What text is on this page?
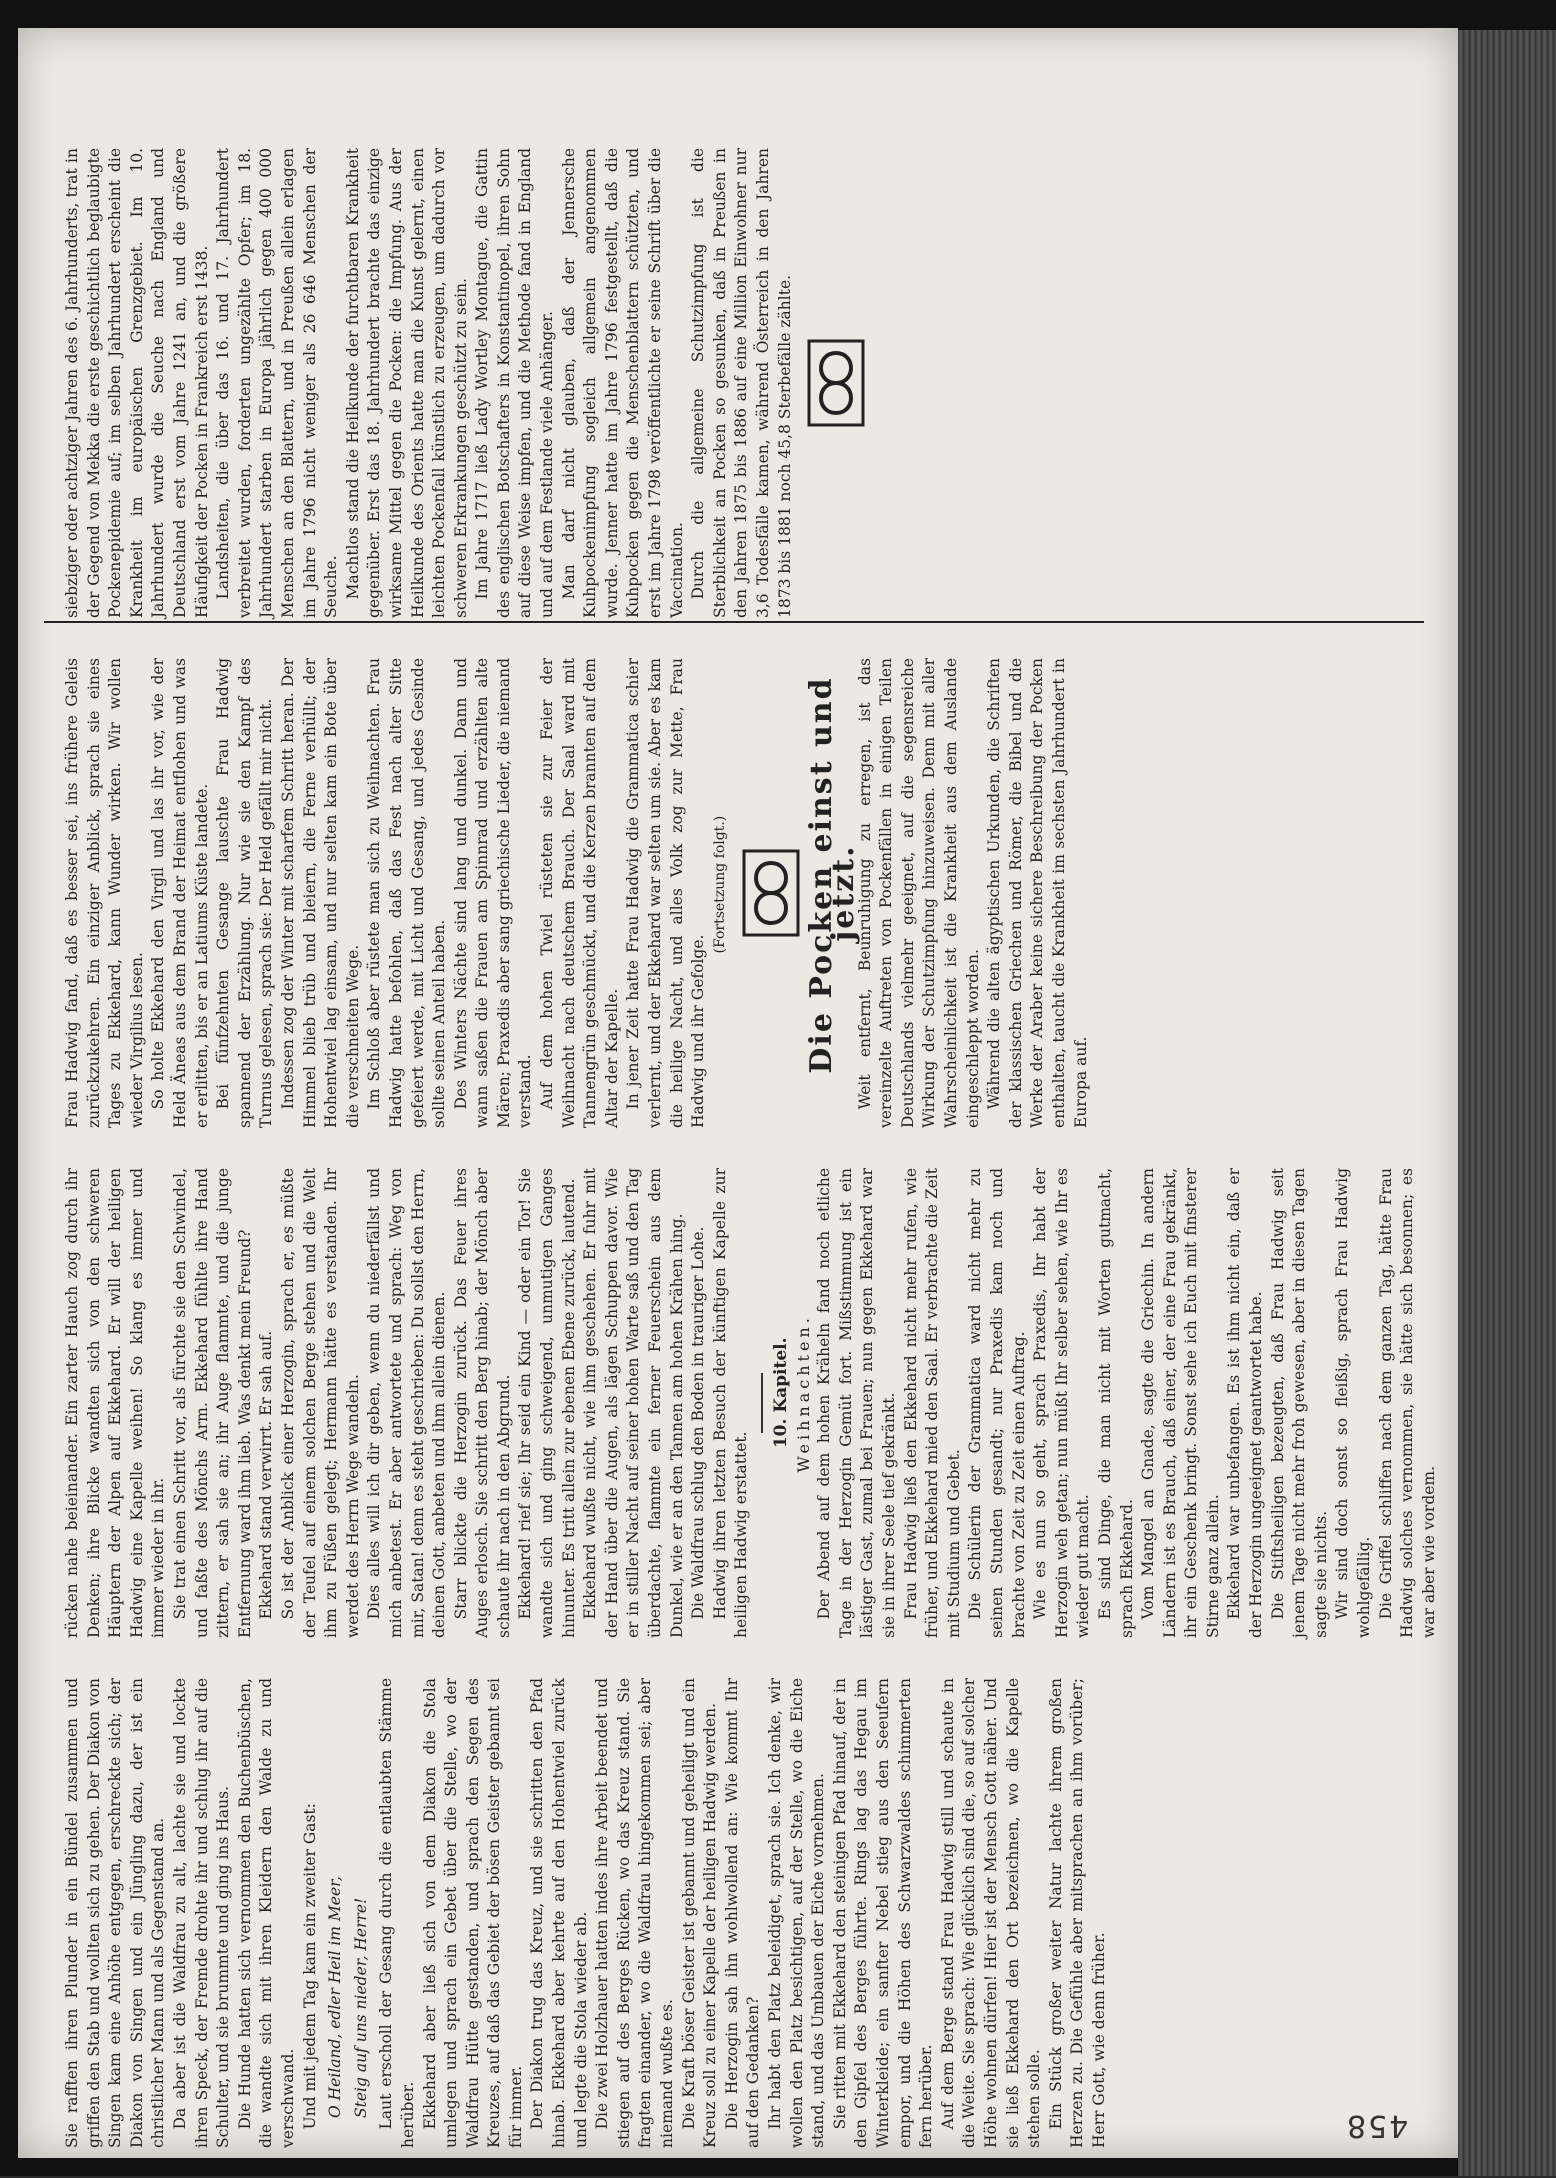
Sie rafften ihren Plunder in ein Bündel zusammen und griffen den Stab und wollten sich zu gehen. Der Diakon von Singen kam eine Anhöhe entgegen, erschreckte sich; der Diakon von Singen und ein Jüngling dazu, der ist ein christlicher Mann und als Gegenstand an. Da aber ist die Waldfrau zu alt, lachte sie und lockte ihren Speck, der Fremde drohte ihr und schlug ihr auf die Schulter, und sie brummte und ging ins Haus. Die Hunde hatten sich vernommen den Buchenbüschen, die wandte sich mit ihren Kleidern den Walde zu und verschwand. Und mit jedem Tag kam ein zweiter Gast: O Heiland, edler Heil im Meer, Steig auf uns nieder, Herre! Laut erscholl der Gesang durch die entlaubten Stämme herüber. Ekkehard aber ließ sich von dem Diakon die Stola umlegen und sprach ein Gebet über die Stelle, wo der Waldfrau Hütte gestanden, und sprach den Segen des Kreuzes, auf daß das Gebiet der bösen Geister gebannt sei für immer. Der Diakon trug das Kreuz, und sie schritten den Pfad hinab. Ekkehard aber kehrte auf den Hohentwiel zurück und legte die Stola wieder ab. Die zwei Holzhauer hatten indes ihre Arbeit beendet und stiegen auf des Berges Rücken, wo das Kreuz stand. Sie fragten einander, wo die Waldfrau hingekommen sei; aber niemand wußte es. Die Kraft böser Geister ist gebannt und geheiligt und ein Kreuz soll zu einer Kapelle der heiligen Hadwig werden. Die Herzogin sah ihn wohlwollend an: Wie kommt Ihr auf den Gedanken? Ihr habt den Platz beleidiget, sprach sie. Ich denke, wir wollen den Platz besichtigen, auf der Stelle, wo die Eiche stand, und das Umbauen der Eiche vornehmen. Sie ritten mit Ekkehard den steinigen Pfad hinauf, der in den Gipfel des Berges führte. Rings lag das Hegau im Winterkleide; ein sanfter Nebel stieg aus den Seeufern empor, und die Höhen des Schwarzwaldes schimmerten fern herüber. Auf dem Berge stand Frau Hadwig still und schaute in die Weite. Sie sprach: Wie glücklich sind die, so auf solcher Höhe wohnen dürfen! Hier ist der Mensch Gott näher. Und sie ließ Ekkehard den Ort bezeichnen, wo die Kapelle stehen solle. Ein Stück großer weiter Natur lachte ihrem großen Herzen zu. Die Gefühle aber mitsprachen an ihm vorüber; Herr Gott, wie denn früher.

rücken nahe beieinander. Ein zarter Hauch zog durch ihr Denken; ihre Blicke wandten sich von den schweren Häuptern der Alpen auf Ekkehard. Er will der heiligen Hadwig eine Kapelle weihen! So klang es immer und immer wieder in ihr. Sie trat einen Schritt vor, als fürchte sie den Schwindel, und faßte des Mönchs Arm. Ekkehard fühlte ihre Hand zittern, er sah sie an; ihr Auge flammte, und die junge Entfernung ward ihm lieb. Was denkt mein Freund? Ekkehard stand verwirrt. Er sah auf. So ist der Anblick einer Herzogin, sprach er, es müßte der Teufel auf einem solchen Berge stehen und die Welt ihm zu Füßen gelegt; Hermann hätte es verstanden. Ihr werdet des Herrn Wege wandeln. Dies alles will ich dir geben, wenn du niederfällst und mich anbetest. Er aber antwortete und sprach: Weg von mir, Satan! denn es steht geschrieben: Du sollst den Herrn, deinen Gott, anbeten und ihm allein dienen. Starr blickte die Herzogin zurück. Das Feuer ihres Auges erlosch. Sie schritt den Berg hinab; der Mönch aber schaute ihr nach in den Abgrund. Ekkehard! rief sie; Ihr seid ein Kind — oder ein Tor! Sie wandte sich und ging schweigend, unmutigen Ganges hinunter. Es tritt allein zur ebenen Ebene zurück, lautend. Ekkehard wußte nicht, wie ihm geschehen. Er fuhr mit der Hand über die Augen, als lägen Schuppen davor. Wie er in stiller Nacht auf seiner hohen Warte saß und den Tag überdachte, flammte ein ferner Feuerschein aus dem Dunkel, wie er an den Tannen am hohen Krähen hing. Die Waldfrau schlug den Boden in trauriger Lohe. Hadwig ihren letzten Besuch der künftigen Kapelle zur heiligen Hadwig erstattet.

10. Kapitel. Weihnachten. Der Abend auf dem hohen Kräheln fand noch etliche Tage in der Herzogin Gemüt fort. Mißstimmung ist ein lästiger Gast, zumal bei Frauen; nun gegen Ekkehard war sie in ihrer Seele tief gekränkt. Frau Hadwig ließ den Ekkehard nicht mehr rufen, wie früher, und Ekkehard mied den Saal. Er verbrachte die Zeit mit Studium und Gebet. Die Schülerin der Grammatica ward nicht mehr zu seinen Stunden gesandt; nur Praxedis kam noch und brachte von Zeit zu Zeit einen Auftrag. Wie es nun so geht, sprach Praxedis, Ihr habt der Herzogin weh getan; nun müßt Ihr selber sehen, wie Ihr es wieder gut macht. Es sind Dinge, die man nicht mit Worten gutmacht, sprach Ekkehard. Vom Mangel an Gnade, sagte die Griechin. In andern Ländern ist es Brauch, daß einer, der eine Frau gekränkt, ihr ein Geschenk bringt. Sonst sehe ich Euch mit finsterer Stirne ganz allein. Ekkehard war unbefangen. Es ist ihm nicht ein, daß er der Herzogin ungeeignet geantwortet habe. Die Stiftsheiligen bezeugten, daß Frau Hadwig seit jenem Tage nicht mehr froh gewesen, aber in diesen Tagen sagte sie nichts. Wir sind doch sonst so fleißig, sprach Frau Hadwig wohlgefällig. Die Griffel schliffen nach dem ganzen Tag, hätte Frau Hadwig solches vernommen, sie hätte sich besonnen; es war aber wie vordem.

Frau Hadwig fand, daß es besser sei, ins frühere Geleis zurückzukehren. Ein einziger Anblick, sprach sie eines Tages zu Ekkehard, kann Wunder wirken. Wir wollen wieder Virgilius lesen. So holte Ekkehard den Virgil und las ihr vor, wie der Held Äneas aus dem Brand der Heimat entflohen und was er erlitten, bis er an Latiums Küste landete. Bei fünfzehnten Gesange lauschte Frau Hadwig spannend der Erzählung. Nur wie sie den Kampf des Turnus gelesen, sprach sie: Der Held gefällt mir nicht. Indessen zog der Winter mit scharfem Schritt heran. Der Himmel blieb trüb und bleiern, die Ferne verhüllt; der Hohentwiel lag einsam, und nur selten kam ein Bote über die verschneiten Wege. Im Schloß aber rüstete man sich zu Weihnachten. Frau Hadwig hatte befohlen, daß das Fest nach alter Sitte gefeiert werde, mit Licht und Gesang, und jedes Gesinde sollte seinen Anteil haben. Des Winters Nächte sind lang und dunkel. Dann und wann saßen die Frauen am Spinnrad und erzählten alte Mären; Praxedis aber sang griechische Lieder, die niemand verstand. Auf dem hohen Twiel rüsteten sie zur Feier der Weihnacht nach deutschem Brauch. Der Saal ward mit Tannengrün geschmückt, und die Kerzen brannten auf dem Altar der Kapelle. In jener Zeit hatte Frau Hadwig die Grammatica schier verlernt, und der Ekkehard war selten um sie. Aber es kam die heilige Nacht, und alles Volk zog zur Mette, Frau Hadwig und ihr Gefolge.

(Fortsetzung folgt.)	Die Pocken einst und jetzt.

Weit entfernt, Beunruhigung zu erregen, ist das vereinzelte Auftreten von Pockenfällen in einigen Teilen Deutschlands vielmehr geeignet, auf die segensreiche Wirkung der Schutzimpfung hinzuweisen. Denn mit aller Wahrscheinlichkeit ist die Krankheit aus dem Auslande eingeschleppt worden. Während die alten ägyptischen Urkunden, die Schriften der klassischen Griechen und Römer, die Bibel und die Werke der Araber keine sichere Beschreibung der Pocken enthalten, taucht die Krankheit im sechsten Jahrhundert in Europa auf.

siebziger oder achtziger Jahren des 6. Jahrhunderts, trat in der Gegend von Mekka die erste geschichtlich beglaubigte Pockenepidemie auf; im selben Jahrhundert erscheint die Krankheit im europäischen Grenzgebiet. Im 10. Jahrhundert wurde die Seuche nach England und Deutschland erst vom Jahre 1241 an, und die größere Häufigkeit der Pocken in Frankreich erst 1438. Landsheiten, die über das 16. und 17. Jahrhundert verbreitet wurden, forderten ungezählte Opfer; im 18. Jahrhundert starben in Europa jährlich gegen 400 000 Menschen an den Blattern, und in Preußen allein erlagen im Jahre 1796 nicht weniger als 26 646 Menschen der Seuche. Machtlos stand die Heilkunde der furchtbaren Krankheit gegenüber. Erst das 18. Jahrhundert brachte das einzige wirksame Mittel gegen die Pocken: die Impfung. Aus der Heilkunde des Orients hatte man die Kunst gelernt, einen leichten Pockenfall künstlich zu erzeugen, um dadurch vor schweren Erkrankungen geschützt zu sein. Im Jahre 1717 ließ Lady Wortley Montague, die Gattin des englischen Botschafters in Konstantinopel, ihren Sohn auf diese Weise impfen, und die Methode fand in England und auf dem Festlande viele Anhänger. Man darf nicht glauben, daß der Jennersche Kuhpockenimpfung sogleich allgemein angenommen wurde. Jenner hatte im Jahre 1796 festgestellt, daß die Kuhpocken gegen die Menschenblattern schützten, und erst im Jahre 1798 veröffentlichte er seine Schrift über die Vaccination. Durch die allgemeine Schutzimpfung ist die Sterblichkeit an Pocken so gesunken, daß in Preußen in den Jahren 1875 bis 1886 auf eine Million Einwohner nur 3,6 Todesfälle kamen, während Österreich in den Jahren 1873 bis 1881 noch 45,8 Sterbefälle zählte.

458
